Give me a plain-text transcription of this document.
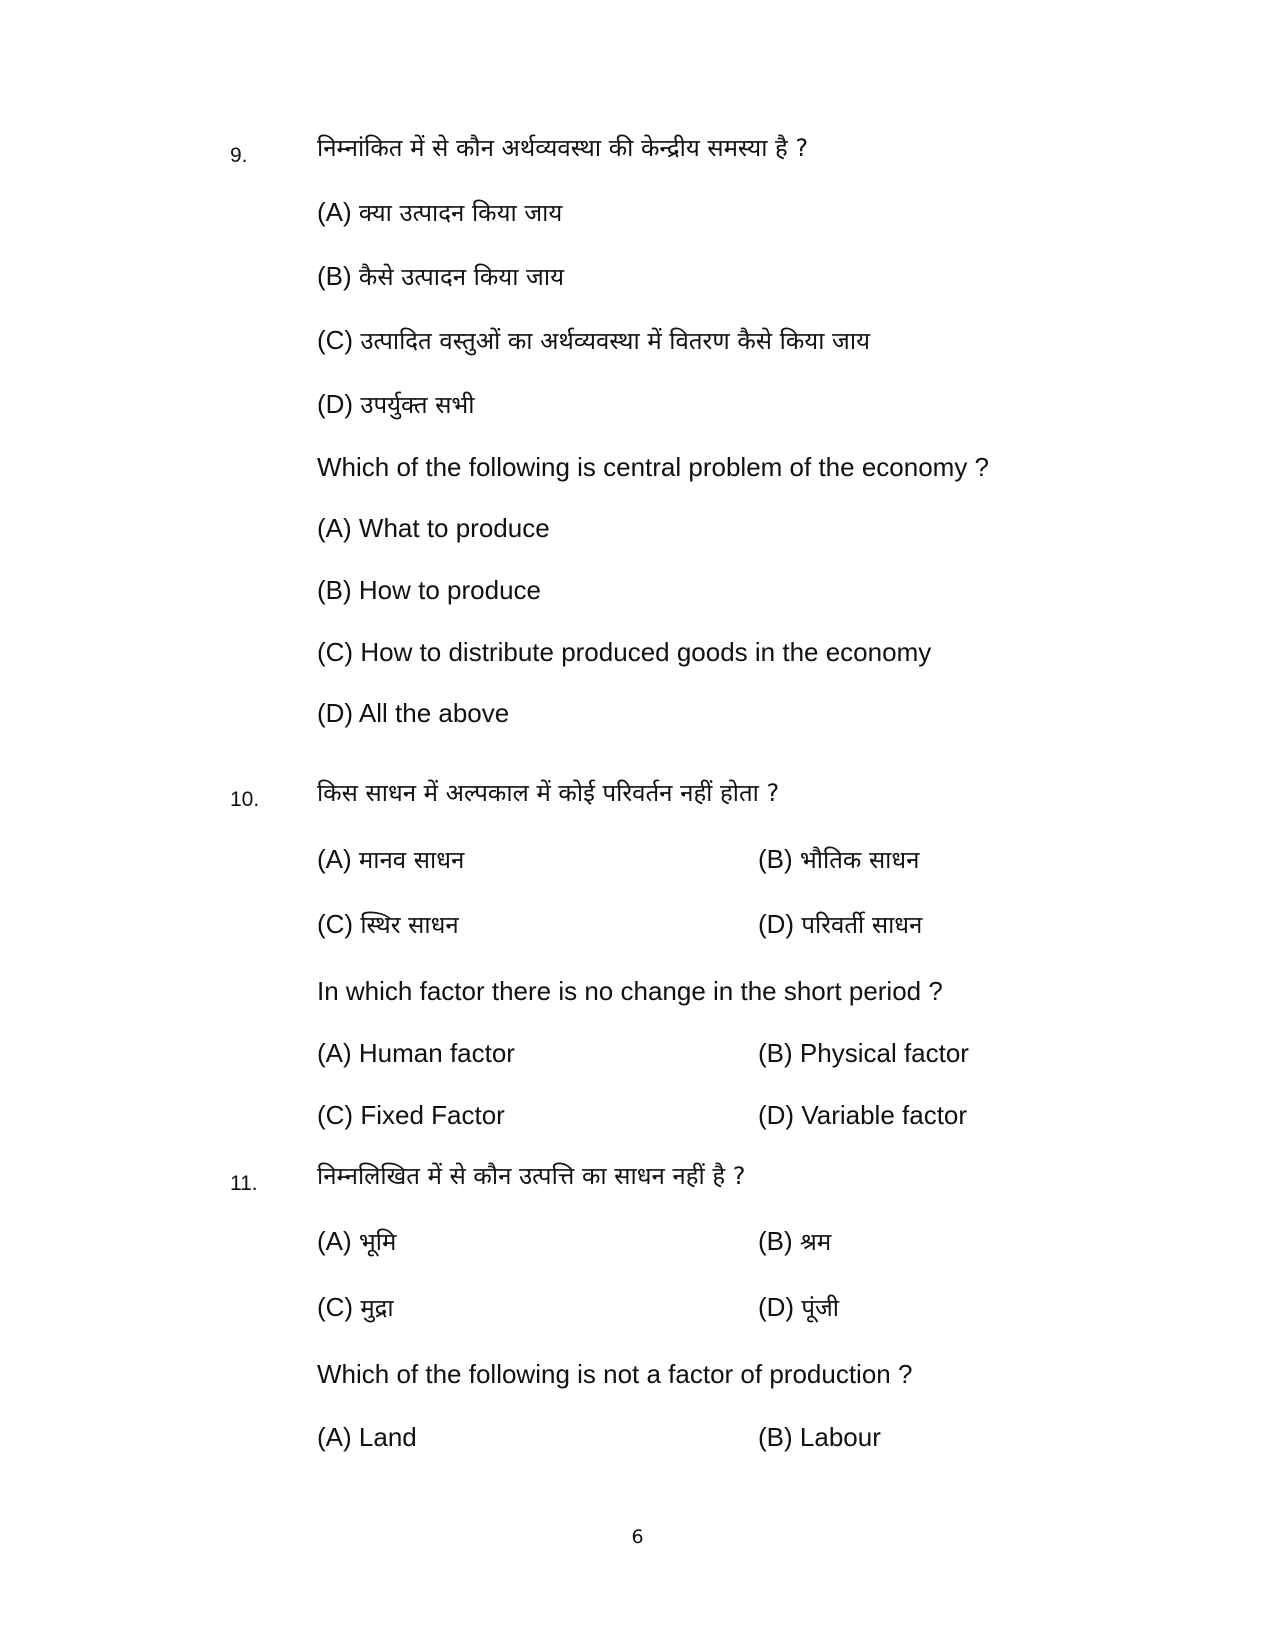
9.	निम्नांकित में से कौन अर्थव्यवस्था की केन्द्रीय समस्या है ?
(A) क्या उत्पादन किया जाय
(B) कैसे उत्पादन किया जाय
(C) उत्पादित वस्तुओं का अर्थव्यवस्था में वितरण कैसे किया जाय
(D) उपर्युक्त सभी
Which of the following is central problem of the economy ?
(A) What to produce
(B) How to produce
(C) How to distribute produced goods in the economy
(D) All the above
10. किस साधन में अल्पकाल में कोई परिवर्तन नहीं होता ?
(A) मानव साधन	(B) भौतिक साधन
(C) स्थिर साधन	(D) परिवर्ती साधन
In which factor there is no change in the short period ?
(A) Human factor	(B) Physical factor
(C) Fixed Factor	(D) Variable factor
11. निम्नलिखित में से कौन उत्पत्ति का साधन नहीं है ?
(A) भूमि	(B) श्रम
(C) मुद्रा	(D) पूंजी
Which of the following is not a factor of production ?
(A) Land	(B) Labour
6
